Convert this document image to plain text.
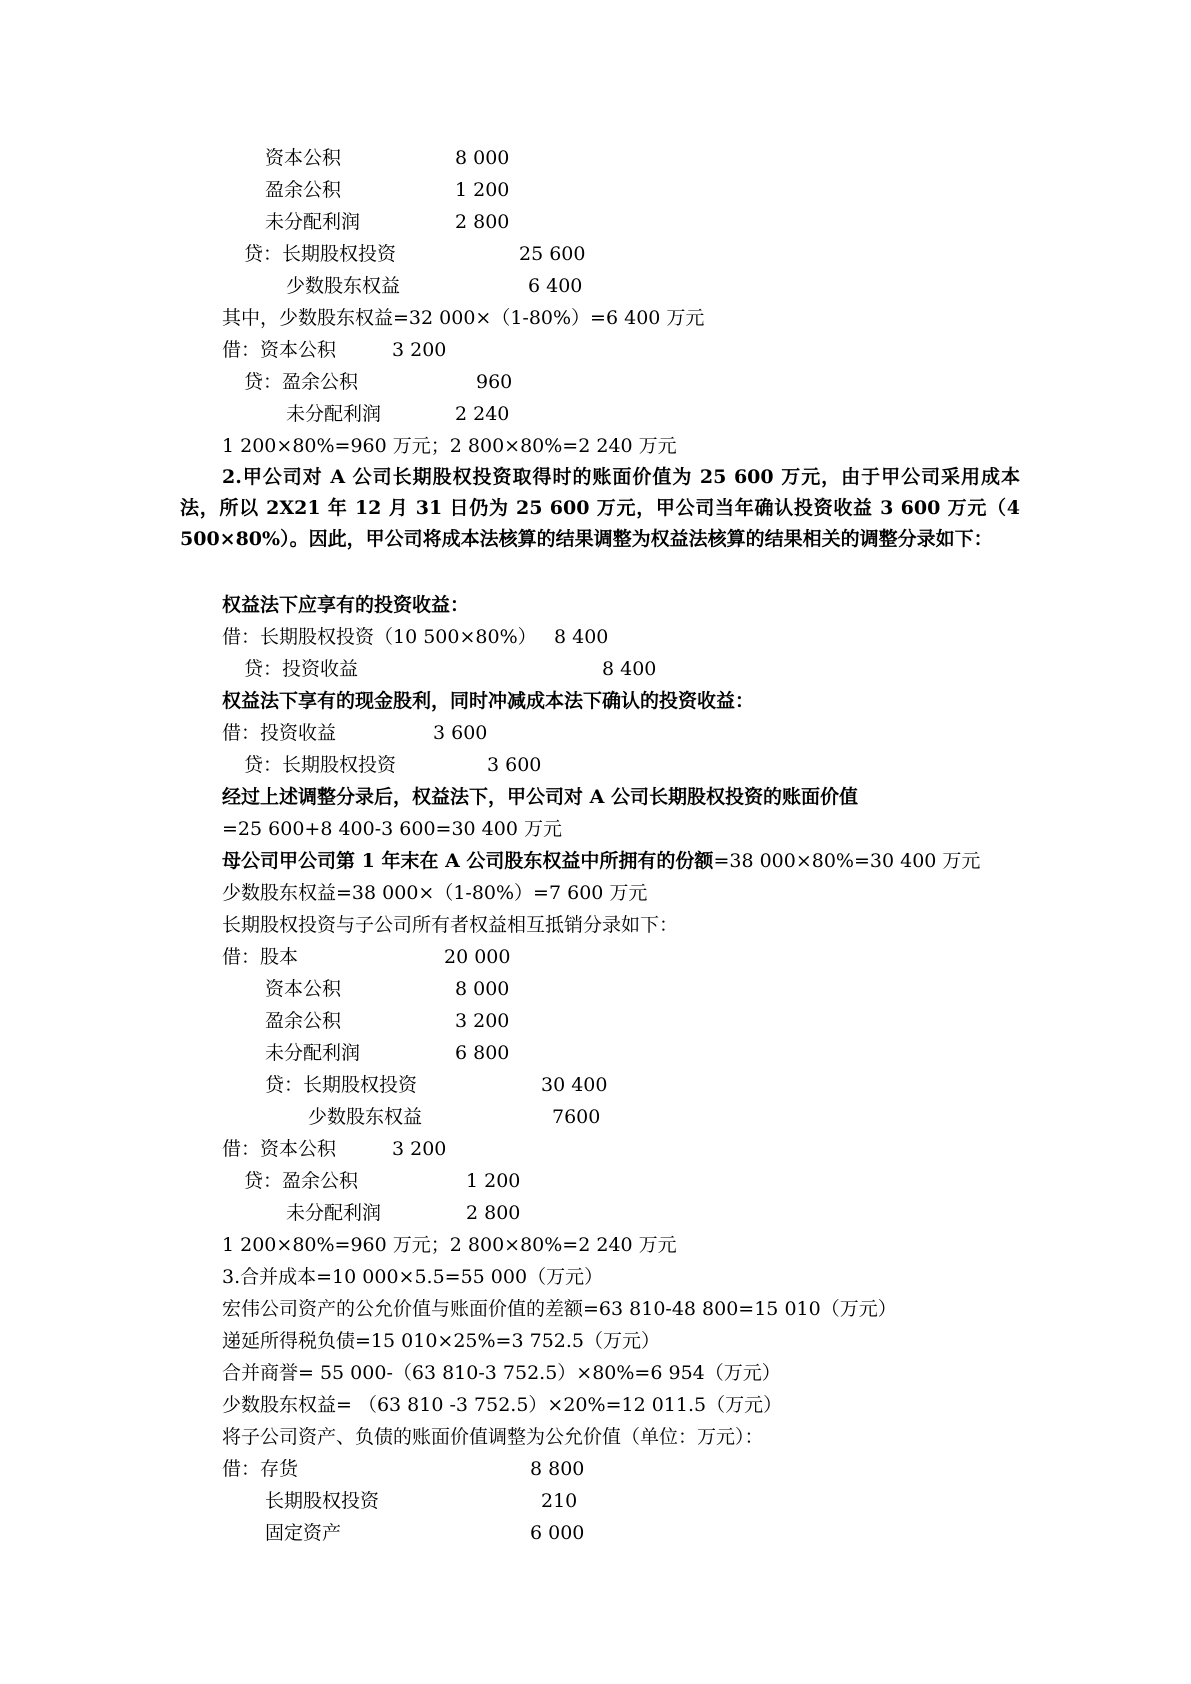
资本公积	8 000
盈余公积	1 200
未分配利润	2 800
贷：长期股权投资	25 600
少数股东权益	6 400
其中，少数股东权益=32 000×（1-80%）=6 400 万元
借：资本公积	3 200
贷：盈余公积	960
未分配利润	2 240
1 200×80%=960 万元；2 800×80%=2 240 万元
2.甲公司对 A 公司长期股权投资取得时的账面价值为 25 600 万元，由于甲公司采用成本法，所以 2X21 年 12 月 31 日仍为 25 600 万元，甲公司当年确认投资收益 3 600 万元（4 500×80%）。因此，甲公司将成本法核算的结果调整为权益法核算的结果相关的调整分录如下：
权益法下应享有的投资收益：
借：长期股权投资（10 500×80%） 8 400
贷：投资收益	8 400
权益法下享有的现金股利，同时冲减成本法下确认的投资收益：
借：投资收益	3 600
贷：长期股权投资	3 600
经过上述调整分录后，权益法下，甲公司对 A 公司长期股权投资的账面价值
=25 600+8 400-3 600=30 400 万元
母公司甲公司第 1 年末在 A 公司股东权益中所拥有的份额=38 000×80%=30 400 万元
少数股东权益=38 000×（1-80%）=7 600 万元
长期股权投资与子公司所有者权益相互抵销分录如下：
借：股本	20 000
资本公积	8 000
盈余公积	3 200
未分配利润	6 800
贷：长期股权投资	30 400
少数股东权益	7600
借：资本公积	3 200
贷：盈余公积	1 200
未分配利润	2 800
1 200×80%=960 万元；2 800×80%=2 240 万元
3.合并成本=10 000×5.5=55 000（万元）
宏伟公司资产的公允价值与账面价值的差额=63 810-48 800=15 010（万元）
递延所得税负债=15 010×25%=3 752.5（万元）
合并商誉= 55 000-（63 810-3 752.5）×80%=6 954（万元）
少数股东权益= （63 810 -3 752.5）×20%=12 011.5（万元）
将子公司资产、负债的账面价值调整为公允价值（单位：万元）：
借：存货	8 800
长期股权投资	210
固定资产	6 000
